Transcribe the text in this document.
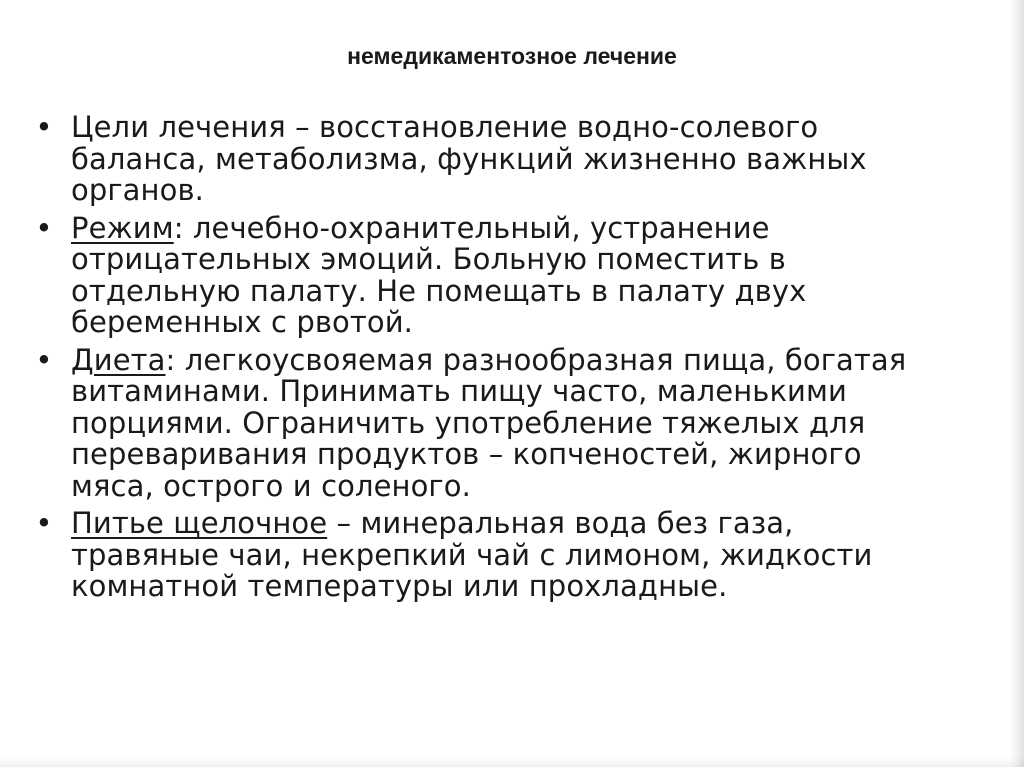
немедикаментозное лечение
• Цели лечения – восстановление водно-солевого баланса, метаболизма, функций жизненно важных органов.
• Режим: лечебно-охранительный, устранение отрицательных эмоций. Больную поместить в отдельную палату. Не помещать в палату двух беременных с рвотой.
• Диета: легкоусвояемая разнообразная пища, богатая витаминами. Принимать пищу часто, маленькими порциями. Ограничить употребление тяжелых для переваривания продуктов – копченостей, жирного мяса, острого и соленого.
• Питье щелочное – минеральная вода без газа, травяные чаи, некрепкий чай с лимоном, жидкости комнатной температуры или прохладные.
